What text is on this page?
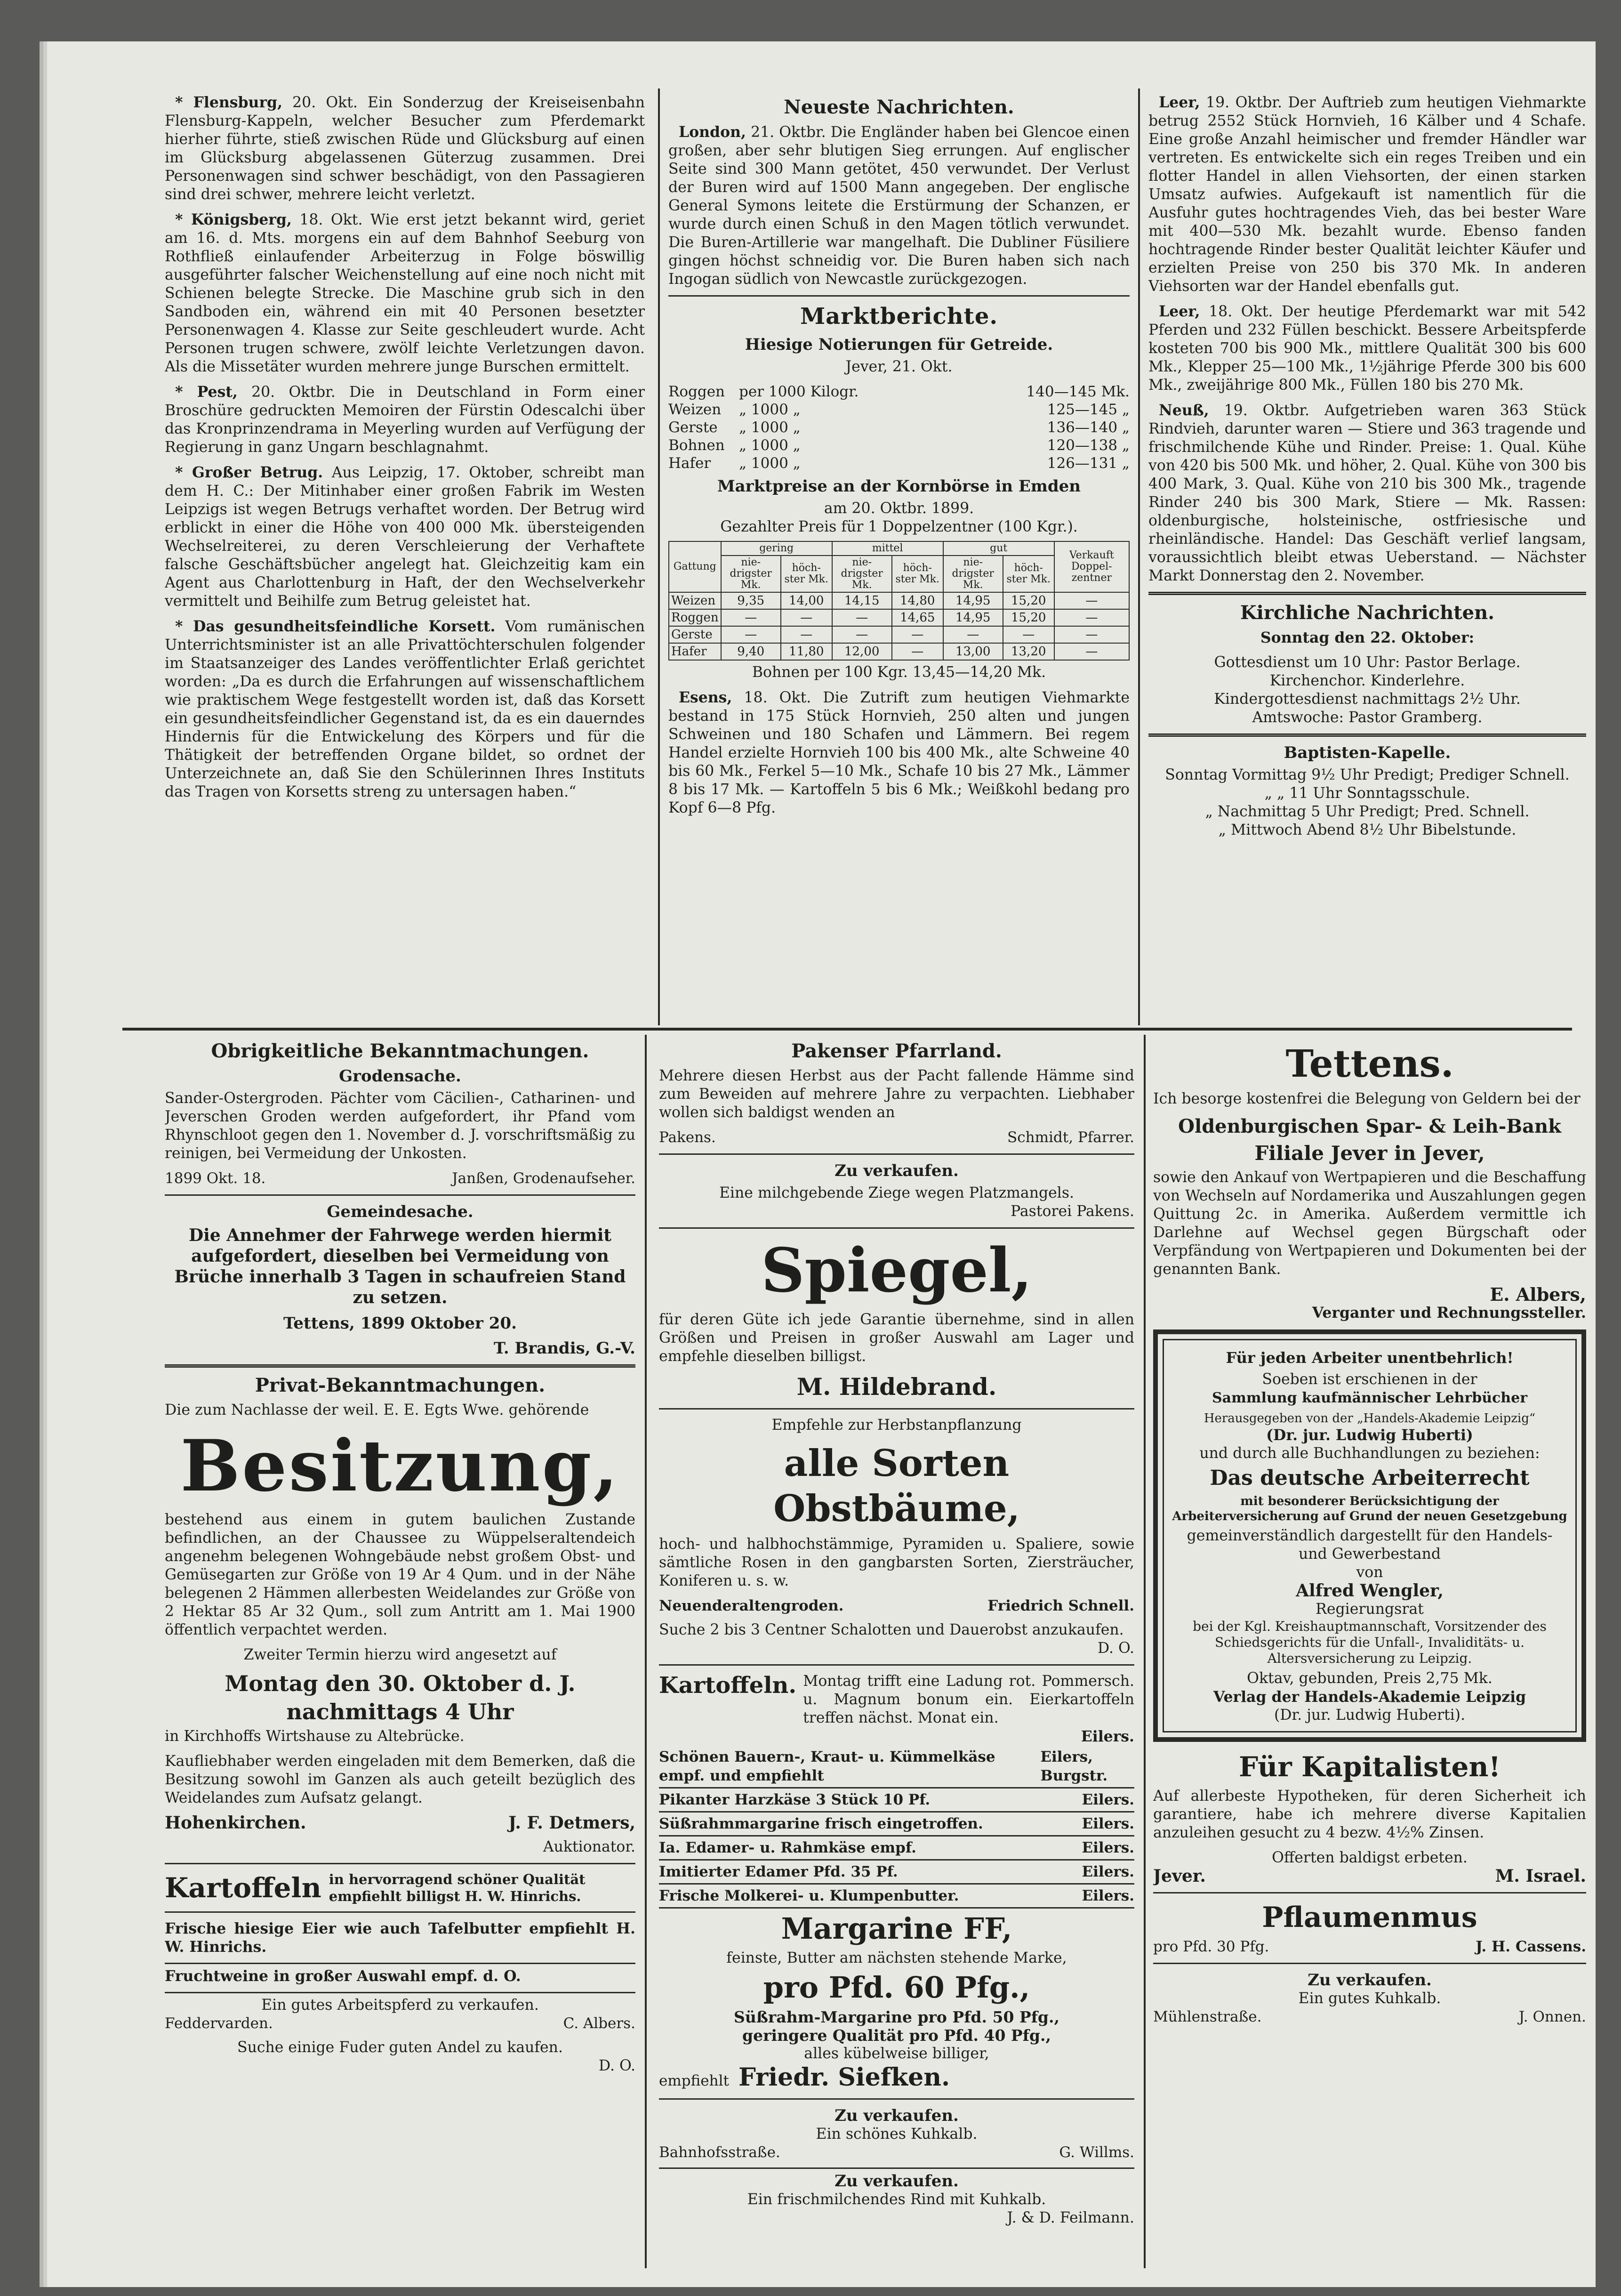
* Flensburg, 20. Okt. Ein Sonderzug der Kreiseisenbahn Flensburg-Kappeln, welcher Besucher zum Pferdemarkt hierher führte, stieß zwischen Rüde und Glücksburg auf einen im Glücksburg abgelassenen Güterzug zusammen. Drei Personenwagen sind schwer beschädigt, von den Passagieren sind drei schwer, mehrere leicht verletzt.

* Königsberg, 18. Okt. Wie erst jetzt bekannt wird, geriet am 16. d. Mts. morgens ein auf dem Bahnhof Seeburg von Rothfließ einlaufender Arbeiterzug in Folge böswillig ausgeführter falscher Weichenstellung auf eine noch nicht mit Schienen belegte Strecke. Die Maschine grub sich in den Sandboden ein, während ein mit 40 Personen besetzter Personenwagen 4. Klasse zur Seite geschleudert wurde. Acht Personen trugen schwere, zwölf leichte Verletzungen davon. Als die Missetäter wurden mehrere junge Burschen ermittelt.

* Pest, 20. Oktbr. Die in Deutschland in Form einer Broschüre gedruckten Memoiren der Fürstin Odescalchi über das Kronprinzendrama in Meyerling wurden auf Verfügung der Regierung in ganz Ungarn beschlagnahmt.

* Großer Betrug. Aus Leipzig, 17. Oktober, schreibt man dem H. C.: Der Mitinhaber einer großen Fabrik im Westen Leipzigs ist wegen Betrugs verhaftet worden. Der Betrug wird erblickt in einer die Höhe von 400 000 Mk. übersteigenden Wechselreiterei, zu deren Verschleierung der Verhaftete falsche Geschäftsbücher angelegt hat. Gleichzeitig kam ein Agent aus Charlottenburg in Haft, der den Wechselverkehr vermittelt und Beihilfe zum Betrug geleistet hat.

* Das gesundheitsfeindliche Korsett. Vom rumänischen Unterrichtsminister ist an alle Privattöchterschulen folgender im Staatsanzeiger des Landes veröffentlichter Erlaß gerichtet worden: „Da es durch die Erfahrungen auf wissenschaftlichem wie praktischem Wege festgestellt worden ist, daß das Korsett ein gesundheitsfeindlicher Gegenstand ist, da es ein dauerndes Hindernis für die Entwickelung des Körpers und für die Thätigkeit der betreffenden Organe bildet, so ordnet der Unterzeichnete an, daß Sie den Schülerinnen Ihres Instituts das Tragen von Korsetts streng zu untersagen haben.“

Neueste Nachrichten.

London, 21. Oktbr. Die Engländer haben bei Glencoe einen großen, aber sehr blutigen Sieg errungen. Auf englischer Seite sind 300 Mann getötet, 450 verwundet. Der Verlust der Buren wird auf 1500 Mann angegeben. Der englische General Symons leitete die Erstürmung der Schanzen, er wurde durch einen Schuß in den Magen tötlich verwundet. Die Buren-Artillerie war mangelhaft. Die Dubliner Füsiliere gingen höchst schneidig vor. Die Buren haben sich nach Ingogan südlich von Newcastle zurückgezogen.

Marktberichte.
Hiesige Notierungen für Getreide.

Jever, 21. Okt.

Roggen per 1000 Kilogr.	140—145 Mk.
Weizen	„ 1000 „	125—145 „
Gerste	„ 1000 „	136—140 „
Bohnen „ 1000 „	120—138 „
Hafer	„ 1000 „	126—131 „
Marktpreise an der Kornbörse in Emden

am 20. Oktbr. 1899.

Gezahlter Preis für 1 Doppelzentner (100 Kgr.).

Gattung	gering		mittel		gut		Verkauft Doppel-zentner
	nie-drigster Mk.	höch-ster Mk.	nie-drigster Mk.	höch-ster Mk.	nie-drigster Mk.	höch-ster Mk.	
Weizen	9,35	14,00	14,15	14,80	14,95	15,20	—
Roggen	—	—	—	14,65	14,95	15,20	—
Gerste	—	—	—	—	—	—	—
Hafer	9,40	11,80	12,00	—	13,00	13,20	—

Bohnen per 100 Kgr. 13,45—14,20 Mk.

Esens, 18. Okt. Die Zutrift zum heutigen Viehmarkte bestand in 175 Stück Hornvieh, 250 alten und jungen Schweinen und 180 Schafen und Lämmern. Bei regem Handel erzielte Hornvieh 100 bis 400 Mk., alte Schweine 40 bis 60 Mk., Ferkel 5—10 Mk., Schafe 10 bis 27 Mk., Lämmer 8 bis 17 Mk. — Kartoffeln 5 bis 6 Mk.; Weißkohl bedang pro Kopf 6—8 Pfg.

Leer, 19. Oktbr. Der Auftrieb zum heutigen Viehmarkte betrug 2552 Stück Hornvieh, 16 Kälber und 4 Schafe. Eine große Anzahl heimischer und fremder Händler war vertreten. Es entwickelte sich ein reges Treiben und ein flotter Handel in allen Viehsorten, der einen starken Umsatz aufwies. Aufgekauft ist namentlich für die Ausfuhr gutes hochtragendes Vieh, das bei bester Ware mit 400—530 Mk. bezahlt wurde. Ebenso fanden hochtragende Rinder bester Qualität leichter Käufer und erzielten Preise von 250 bis 370 Mk. In anderen Viehsorten war der Handel ebenfalls gut.

Leer, 18. Okt. Der heutige Pferdemarkt war mit 542 Pferden und 232 Füllen beschickt. Bessere Arbeitspferde kosteten 700 bis 900 Mk., mittlere Qualität 300 bis 600 Mk., Klepper 25—100 Mk., 1½jährige Pferde 300 bis 600 Mk., zweijährige 800 Mk., Füllen 180 bis 270 Mk.

Neuß, 19. Oktbr. Aufgetrieben waren 363 Stück Rindvieh, darunter waren — Stiere und 363 tragende und frischmilchende Kühe und Rinder. Preise: 1. Qual. Kühe von 420 bis 500 Mk. und höher, 2. Qual. Kühe von 300 bis 400 Mark, 3. Qual. Kühe von 210 bis 300 Mk., tragende Rinder 240 bis 300 Mark, Stiere — Mk. Rassen: oldenburgische, holsteinische, ostfriesische und rheinländische. Handel: Das Geschäft verlief langsam, voraussichtlich bleibt etwas Ueberstand. — Nächster Markt Donnerstag den 2. November.

Kirchliche Nachrichten.

Sonntag den 22. Oktober:

Gottesdienst um 10 Uhr: Pastor Berlage.

Kirchenchor. Kinderlehre.

Kindergottesdienst nachmittags 2½ Uhr.

Amtswoche: Pastor Gramberg.

Baptisten-Kapelle.

Sonntag Vormittag 9½ Uhr Predigt; Prediger Schnell.

„ „ 11 Uhr Sonntagsschule.

„ Nachmittag 5 Uhr Predigt; Pred. Schnell.

„ Mittwoch Abend 8½ Uhr Bibelstunde.

Obrigkeitliche Bekanntmachungen.
Grodensache.

Sander-Ostergroden. Pächter vom Cäcilien-, Catharinen- und Jeverschen Groden werden aufgefordert, ihr Pfand vom Rhynschloot gegen den 1. November d. J. vorschriftsmäßig zu reinigen, bei Vermeidung der Unkosten.

1899 Okt. 18.	Janßen, Grodenaufseher.
Gemeindesache.

Die Annehmer der Fahrwege werden hiermit aufgefordert, dieselben bei Vermeidung von Brüche innerhalb 3 Tagen in schaufreien Stand zu setzen.

Tettens, 1899 Oktober 20.

T. Brandis, G.-V.

Privat-Bekanntmachungen.

Die zum Nachlasse der weil. E. E. Egts Wwe. gehörende

Besitzung,

bestehend aus einem in gutem baulichen Zustande befindlichen, an der Chaussee zu Wüppelseraltendeich angenehm belegenen Wohngebäude nebst großem Obst- und Gemüsegarten zur Größe von 19 Ar 4 Qum. und in der Nähe belegenen 2 Hämmen allerbesten Weidelandes zur Größe von 2 Hektar 85 Ar 32 Qum., soll zum Antritt am 1. Mai 1900 öffentlich verpachtet werden.

Zweiter Termin hierzu wird angesetzt auf

Montag den 30. Oktober d. J.
nachmittags 4 Uhr

in Kirchhoffs Wirtshause zu Altebrücke.

Kaufliebhaber werden eingeladen mit dem Bemerken, daß die Besitzung sowohl im Ganzen als auch geteilt bezüglich des Weidelandes zum Aufsatz gelangt.

Hohenkirchen.	J. F. Detmers,

Auktionator.

Kartoffeln in hervorragend schöner Qualität empfiehlt billigst H. W. Hinrichs.

Frische hiesige Eier wie auch Tafelbutter empfiehlt H. W. Hinrichs.

Fruchtweine in großer Auswahl empf. d. O.

Ein gutes Arbeitspferd zu verkaufen.

Feddervarden.	C. Albers.

Suche einige Fuder guten Andel zu kaufen.

D. O.

Pakenser Pfarrland.

Mehrere diesen Herbst aus der Pacht fallende Hämme sind zum Beweiden auf mehrere Jahre zu verpachten. Liebhaber wollen sich baldigst wenden an

Pakens.	Schmidt, Pfarrer.
Zu verkaufen.

Eine milchgebende Ziege wegen Platzmangels.

Pastorei Pakens.

Spiegel,

für deren Güte ich jede Garantie übernehme, sind in allen Größen und Preisen in großer Auswahl am Lager und empfehle dieselben billigst.

M. Hildebrand.

Empfehle zur Herbstanpflanzung

alle Sorten Obstbäume,

hoch- und halbhochstämmige, Pyramiden u. Spaliere, sowie sämtliche Rosen in den gangbarsten Sorten, Ziersträucher, Koniferen u. s. w.

Neuenderaltengroden.	Friedrich Schnell.

Suche 2 bis 3 Centner Schalotten und Dauerobst anzukaufen.

D. O.

Kartoffeln. Montag trifft eine Ladung rot. Pommersch. u. Magnum bonum ein. Eierkartoffeln treffen nächst. Monat ein.

Eilers.

Schönen Bauern-, Kraut- u. Kümmelkäse empf. und empfiehlt
Eilers, Burgstr.
Pikanter Harzkäse 3 Stück 10 Pf.	Eilers.
Süßrahmmargarine frisch eingetroffen.	Eilers.
Ia. Edamer- u. Rahmkäse empf.	Eilers.
Imitierter Edamer Pfd. 35 Pf.	Eilers.
Frische Molkerei- u. Klumpenbutter.	Eilers.
Margarine FF,

feinste, Butter am nächsten stehende Marke,

pro Pfd. 60 Pfg.,

Süßrahm-Margarine pro Pfd. 50 Pfg.,

geringere Qualität pro Pfd. 40 Pfg.,

alles kübelweise billiger,

empfiehlt Friedr. Siefken.
Zu verkaufen.

Ein schönes Kuhkalb.

Bahnhofsstraße.	G. Willms.
Zu verkaufen.

Ein frischmilchendes Rind mit Kuhkalb.

J. & D. Feilmann.

Tettens.

Ich besorge kostenfrei die Belegung von Geldern bei der

Oldenburgischen Spar- & Leih-Bank
Filiale Jever in Jever,

sowie den Ankauf von Wertpapieren und die Beschaffung von Wechseln auf Nordamerika und Auszahlungen gegen Quittung 2c. in Amerika. Außerdem vermittle ich Darlehne auf Wechsel gegen Bürgschaft oder Verpfändung von Wertpapieren und Dokumenten bei der genannten Bank.

E. Albers,

Verganter und Rechnungssteller.

Für jeden Arbeiter unentbehrlich!

Soeben ist erschienen in der

Sammlung kaufmännischer Lehrbücher

Herausgegeben von der „Handels-Akademie Leipzig“

(Dr. jur. Ludwig Huberti)

und durch alle Buchhandlungen zu beziehen:

Das deutsche Arbeiterrecht

mit besonderer Berücksichtigung der Arbeiterversicherung auf Grund der neuen Gesetzgebung

gemeinverständlich dargestellt für den Handels- und Gewerbestand

von

Alfred Wengler,

Regierungsrat

bei der Kgl. Kreishauptmannschaft, Vorsitzender des Schiedsgerichts für die Unfall-, Invaliditäts- u. Altersversicherung zu Leipzig.

Oktav, gebunden, Preis 2,75 Mk.

Verlag der Handels-Akademie Leipzig

(Dr. jur. Ludwig Huberti).

Für Kapitalisten!

Auf allerbeste Hypotheken, für deren Sicherheit ich garantiere, habe ich mehrere diverse Kapitalien anzuleihen gesucht zu 4 bezw. 4½% Zinsen.

Offerten baldigst erbeten.

Jever.	M. Israel.
Pflaumenmus
pro Pfd. 30 Pfg.	J. H. Cassens.
Zu verkaufen.

Ein gutes Kuhkalb.

Mühlenstraße.	J. Onnen.
